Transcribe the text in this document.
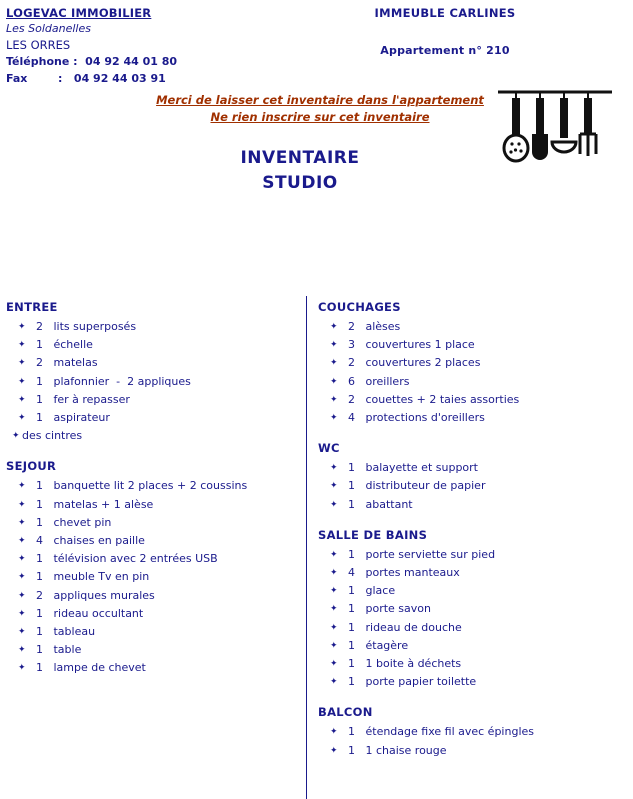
LOGEVAC IMMOBILIER
Les Soldanelles
LES ORRES
Téléphone :  04 92 44 01 80
Fax        :   04 92 44 03 91
IMMEUBLE CARLINES
Appartement n° 210
Merci de laisser cet inventaire dans l'appartement
Ne rien inscrire sur cet inventaire
INVENTAIRE
STUDIO
ENTREE
✦ 2   lits superposés
✦ 1   échelle
✦ 2   matelas
✦ 1   plafonnier  -  2 appliques
✦ 1   fer à repasser
✦ 1   aspirateur
✦ des cintres
SEJOUR
✦ 1   banquette lit 2 places + 2 coussins
✦ 1   matelas + 1 alèse
✦ 1   chevet pin
✦ 4   chaises en paille
✦ 1   télévision avec 2 entrées USB
✦ 1   meuble Tv en pin
✦ 2   appliques murales
✦ 1   rideau occultant
✦ 1   tableau
✦ 1   table
✦ 1   lampe de chevet
COUCHAGES
✦ 2   alèses
✦ 3   couvertures 1 place
✦ 2   couvertures 2 places
✦ 6   oreillers
✦ 2   couettes + 2 taies assorties
✦ 4   protections d'oreillers
WC
✦ 1   balayette et support
✦ 1   distributeur de papier
✦ 1   abattant
SALLE DE BAINS
✦ 1   porte serviette sur pied
✦ 4   portes manteaux
✦ 1   glace
✦ 1   porte savon
✦ 1   rideau de douche
✦ 1   étagère
✦ 1   1 boite à déchets
✦ 1   porte papier toilette
BALCON
✦ 1   étendage fixe fil avec épingles
✦ 1   1 chaise rouge
